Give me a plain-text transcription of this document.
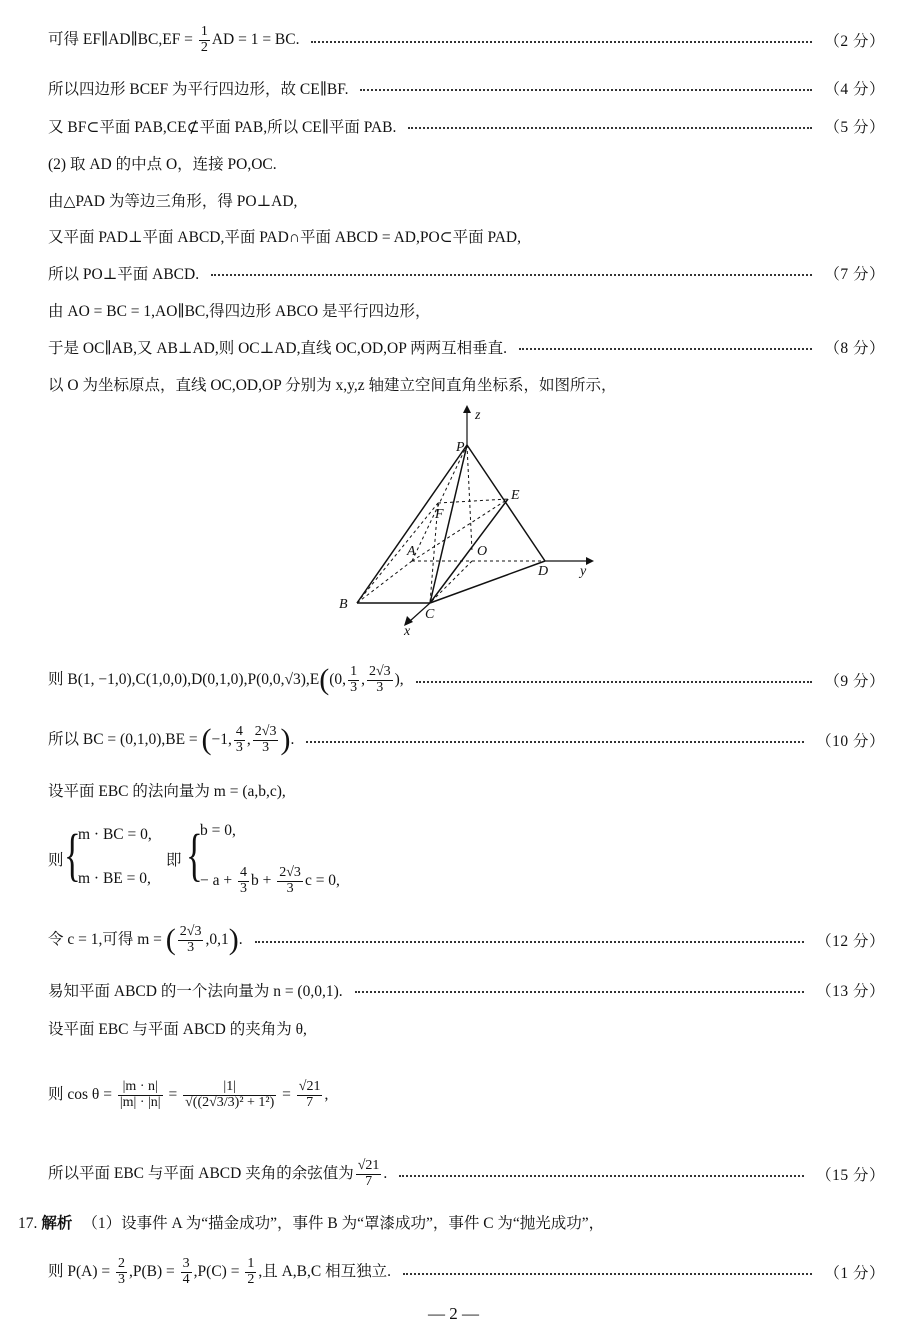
可得 EF∥AD∥BC,EF = $\frac{1}{2}$ AD = 1 = BC.	（2 分）
所以四边形 BCEF 为平行四边形，故 CE∥BF.	（4 分）
又 BF⊂平面 PAB,CE⊄平面 PAB,所以 CE∥平面 PAB.	（5 分）
(2) 取 AD 的中点 O，连接 PO,OC.
由△PAD 为等边三角形，得 PO⊥AD,
又平面 PAD⊥平面 ABCD,平面 PAD∩平面 ABCD = AD,PO⊂平面 PAD,
所以 PO⊥平面 ABCD.	（7 分）
由 AO = BC = 1,AO∥BC,得四边形 ABCO 是平行四边形，
于是 OC∥AB,又 AB⊥AD,则 OC⊥AD,直线 OC,OD,OP 两两互相垂直.	（8 分）
以 O 为坐标原点，直线 OC,OD,OP 分别为 x,y,z 轴建立空间直角坐标系，如图所示，
P
z
E
F
A	O
D y
B
C
x
则 B(1, −1,0),C(1,0,0),D(0,1,0),P(0,0,√3),E((0, $\frac{1}{3}$ , $\frac{2√3}{3}$ ),	（9 分）
所以 BC = (0,1,0),BE = (−1, $\frac{4}{3}$ , $\frac{2√3}{3}$ ).	（10 分）
设平面 EBC 的法向量为 m = (a,b,c),
则 {
m · BC = 0,
m · BE = 0,
即 {
b = 0,
− $a + \frac{4}{3}$ $b + \frac{2√3}{3}$ c = 0,
令 c = 1,可得 m = ( $\frac{2√3}{3} ,0,1$).	（12 分）
易知平面 ABCD 的一个法向量为 n = (0,0,1).	（13 分）
设平面 EBC 与平面 ABCD 的夹角为 θ,
则 $\cos \theta = \frac{|m \cdot n|}{|m| \cdot |n|} = \frac{|1|}{\text{√((2√3/3)² + 1²)}} = \frac{√21}{7}$ ,
所以平面 EBC 与平面 ABCD 夹角的余弦值为 $\frac{√21}{7}$ .	（15 分）
17. 解析 （1）设事件 A 为“描金成功”，事件 B 为“罩漆成功”，事件 C 为“抛光成功”，
则 $P(A) = \frac{2}{3} ,P(B) = \frac{3}{4} ,P(C) = \frac{1}{2}$ ,且 A,B,C 相互独立.	（1 分）
— 2 —
